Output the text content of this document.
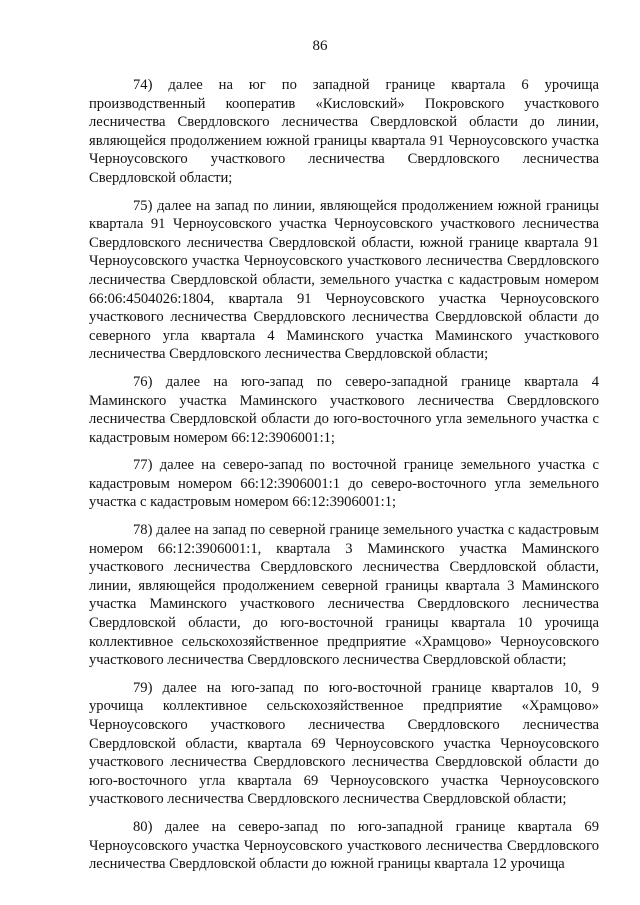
86

74) далее на юг по западной границе квартала 6 урочища производственный кооператив «Кисловский» Покровского участкового лесничества Свердловского лесничества Свердловской области до линии, являющейся продолжением южной границы квартала 91 Черноусовского участка Черноусовского участкового лесничества Свердловского лесничества Свердловской области;

75) далее на запад по линии, являющейся продолжением южной границы квартала 91 Черноусовского участка Черноусовского участкового лесничества Свердловского лесничества Свердловской области, южной границе квартала 91 Черноусовского участка Черноусовского участкового лесничества Свердловского лесничества Свердловской области, земельного участка с кадастровым номером 66:06:4504026:1804, квартала 91 Черноусовского участка Черноусовского участкового лесничества Свердловского лесничества Свердловской области до северного угла квартала 4 Маминского участка Маминского участкового лесничества Свердловского лесничества Свердловской области;

76) далее на юго-запад по северо-западной границе квартала 4 Маминского участка Маминского участкового лесничества Свердловского лесничества Свердловской области до юго-восточного угла земельного участка с кадастровым номером 66:12:3906001:1;

77) далее на северо-запад по восточной границе земельного участка с кадастровым номером 66:12:3906001:1 до северо-восточного угла земельного участка с кадастровым номером 66:12:3906001:1;

78) далее на запад по северной границе земельного участка с кадастровым номером 66:12:3906001:1, квартала 3 Маминского участка Маминского участкового лесничества Свердловского лесничества Свердловской области, линии, являющейся продолжением северной границы квартала 3 Маминского участка Маминского участкового лесничества Свердловского лесничества Свердловской области, до юго-восточной границы квартала 10 урочища коллективное сельскохозяйственное предприятие «Храмцово» Черноусовского участкового лесничества Свердловского лесничества Свердловской области;

79) далее на юго-запад по юго-восточной границе кварталов 10, 9 урочища коллективное сельскохозяйственное предприятие «Храмцово» Черноусовского участкового лесничества Свердловского лесничества Свердловской области, квартала 69 Черноусовского участка Черноусовского участкового лесничества Свердловского лесничества Свердловской области до юго-восточного угла квартала 69 Черноусовского участка Черноусовского участкового лесничества Свердловского лесничества Свердловской области;

80) далее на северо-запад по юго-западной границе квартала 69 Черноусовского участка Черноусовского участкового лесничества Свердловского лесничества Свердловской области до южной границы квартала 12 урочища
